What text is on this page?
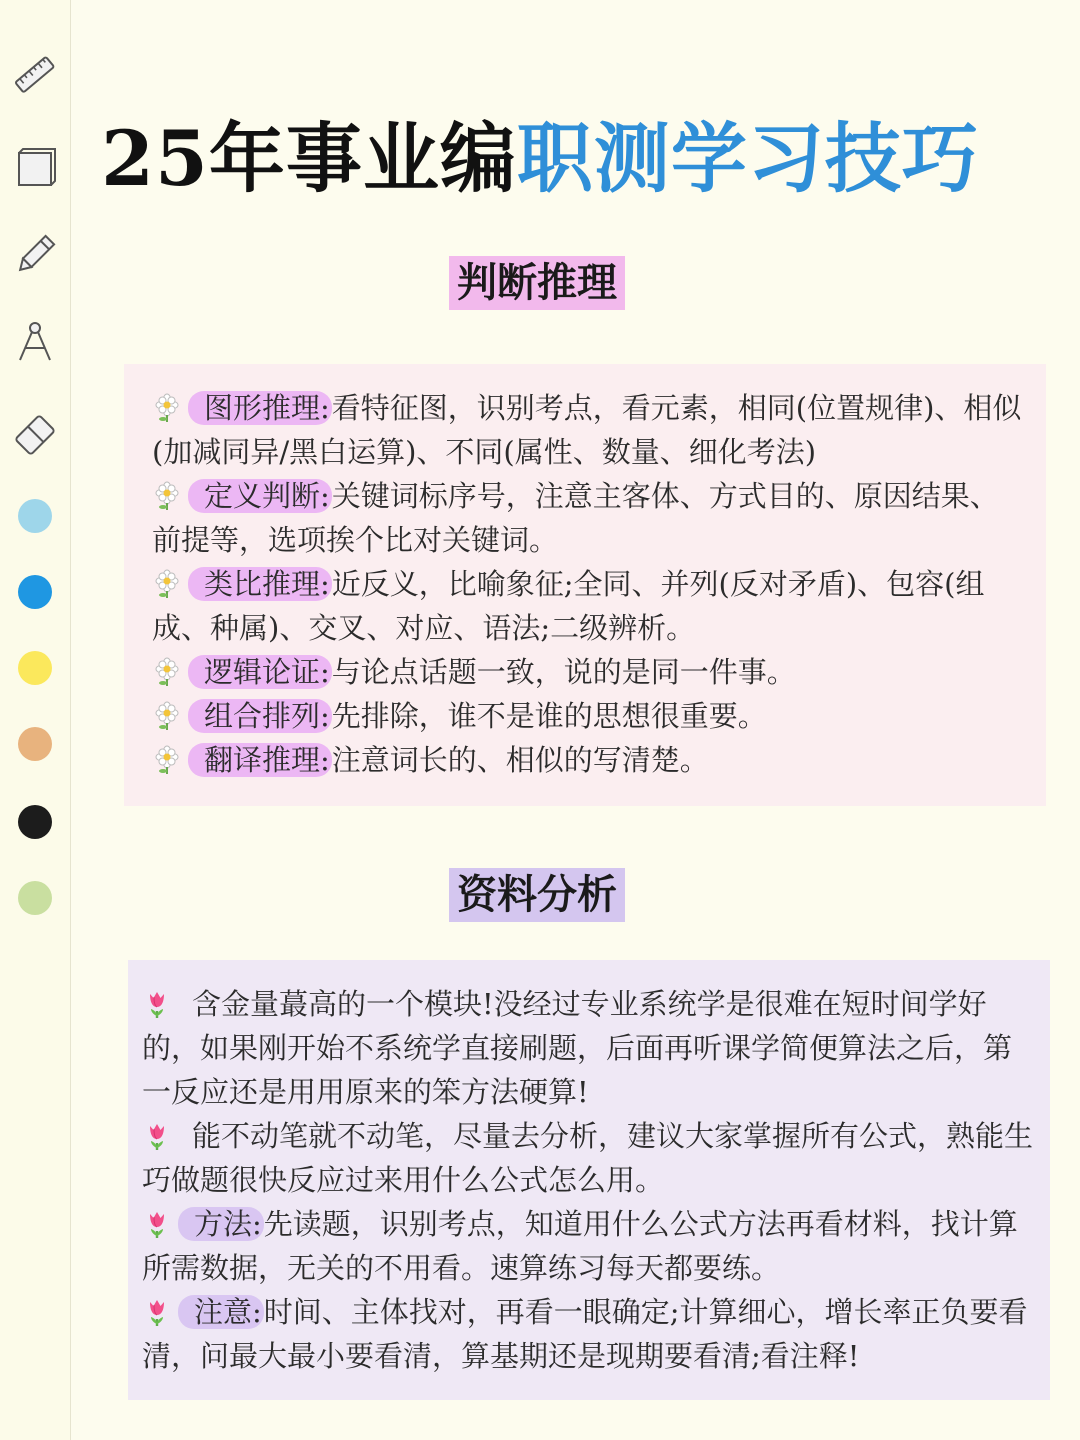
25年事业编职测学习技巧
判断推理
图形推理:看特征图，识别考点，看元素，相同(位置规律)、相似(加减同异/黑白运算)、不同(属性、数量、细化考法)
定义判断:关键词标序号，注意主客体、方式目的、原因结果、前提等，选项挨个比对关键词。
类比推理:近反义，比喻象征;全同、并列(反对矛盾)、包容(组成、种属)、交叉、对应、语法;二级辨析。
逻辑论证:与论点话题一致，说的是同一件事。
组合排列:先排除，谁不是谁的思想很重要。
翻译推理:注意词长的、相似的写清楚。
资料分析
含金量蕞高的一个模块!没经过专业系统学是很难在短时间学好的，如果刚开始不系统学直接刷题，后面再听课学简便算法之后，第一反应还是用用原来的笨方法硬算!
能不动笔就不动笔，尽量去分析，建议大家掌握所有公式，熟能生巧做题很快反应过来用什么公式怎么用。
方法:先读题，识别考点，知道用什么公式方法再看材料，找计算所需数据，无关的不用看。速算练习每天都要练。
注意:时间、主体找对，再看一眼确定;计算细心，增长率正负要看清，问最大最小要看清，算基期还是现期要看清;看注释!
